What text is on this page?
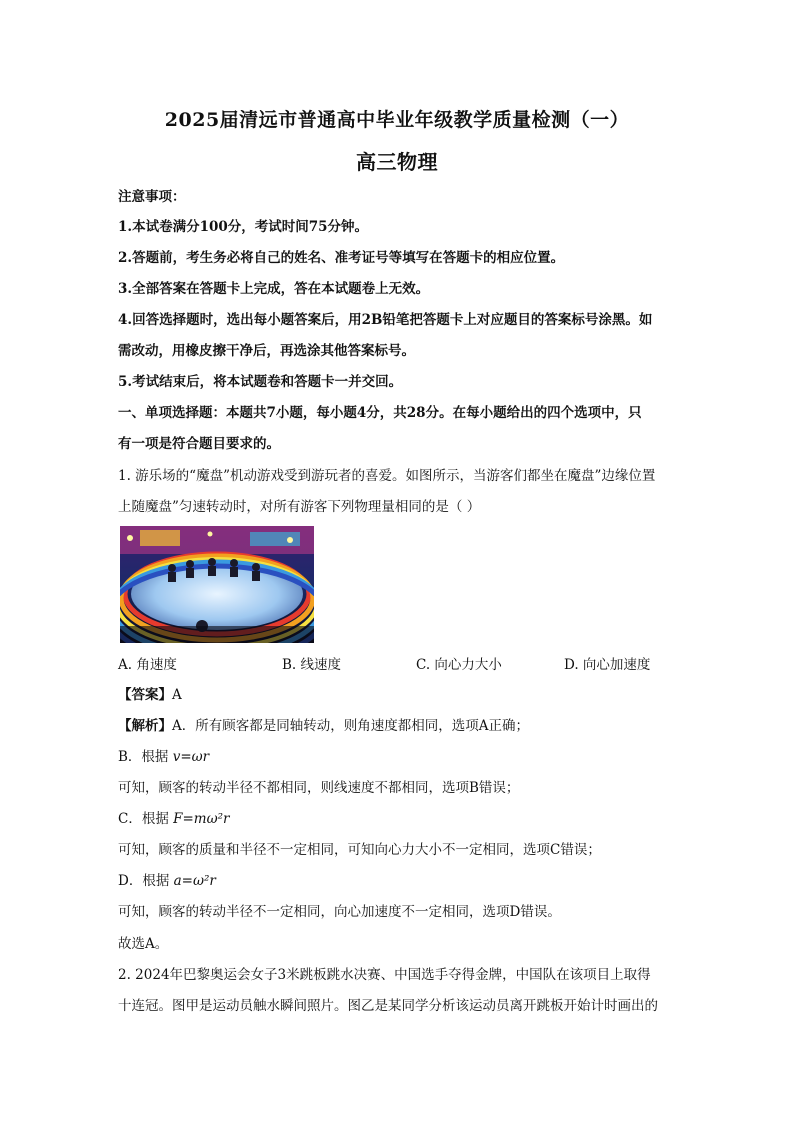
2025届清远市普通高中毕业年级教学质量检测（一）
高三物理
注意事项：
1.本试卷满分100分，考试时间75分钟。
2.答题前，考生务必将自己的姓名、准考证号等填写在答题卡的相应位置。
3.全部答案在答题卡上完成，答在本试题卷上无效。
4.回答选择题时，选出每小题答案后，用2B铅笔把答题卡上对应题目的答案标号涂黑。如
需改动，用橡皮擦干净后，再选涂其他答案标号。
5.考试结束后，将本试题卷和答题卡一并交回。
一、单项选择题：本题共7小题，每小题4分，共28分。在每小题给出的四个选项中，只
有一项是符合题目要求的。
1. 游乐场的“魔盘”机动游戏受到游玩者的喜爱。如图所示，当游客们都坐在魔盘”边缘位置
上随魔盘”匀速转动时，对所有游客下列物理量相同的是（ ）
A. 角速度	B. 线速度	C. 向心力大小	D. 向心加速度
【答案】A
【解析】A．所有顾客都是同轴转动，则角速度都相同，选项A正确；
B．根据 v=ωr
可知，顾客的转动半径不都相同，则线速度不都相同，选项B错误；
C．根据 F=mω²r
可知，顾客的质量和半径不一定相同，可知向心力大小不一定相同，选项C错误；
D．根据 a=ω²r
可知，顾客的转动半径不一定相同，向心加速度不一定相同，选项D错误。
故选A。
2. 2024年巴黎奥运会女子3米跳板跳水决赛、中国选手夺得金牌，中国队在该项目上取得
十连冠。图甲是运动员触水瞬间照片。图乙是某同学分析该运动员离开跳板开始计时画出的
